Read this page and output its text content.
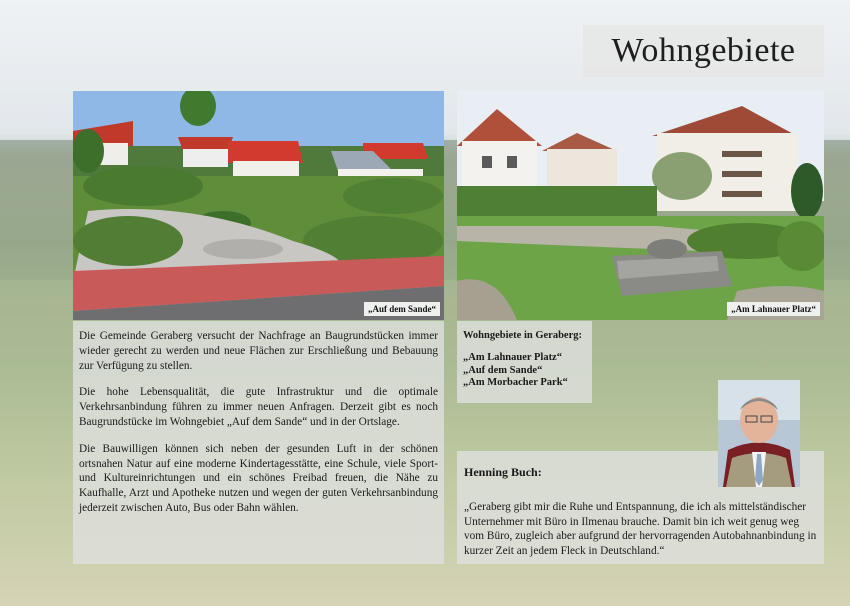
Wohngebiete
„Auf dem Sande“	„Am Lahnauer Platz“

Die Gemeinde Geraberg versucht der Nachfrage an Baugrundstücken immer wieder gerecht zu werden und neue Flächen zur Erschließung und Bebauung zur Verfügung zu stellen.

Die hohe Lebensqualität, die gute Infrastruktur und die optimale Verkehrsanbindung führen zu immer neuen Anfragen. Derzeit gibt es noch Baugrundstücke im Wohngebiet „Auf dem Sande“ und in der Ortslage.

Die Bauwilligen können sich neben der gesunden Luft in der schönen ortsnahen Natur auf eine moderne Kindertagesstätte, eine Schule, viele Sport- und Kultureinrichtungen und ein schönes Freibad freuen, die Nähe zu Kaufhalle, Arzt und Apotheke nutzen und wegen der guten Verkehrsanbindung jederzeit zwischen Auto, Bus oder Bahn wählen.

Wohngebiete in Geraberg:
„Am Lahnauer Platz“
„Auf dem Sande“
„Am Morbacher Park“
Henning Buch:

„Geraberg gibt mir die Ruhe und Entspannung, die ich als mittelständischer Unternehmer mit Büro in Ilmenau brauche. Damit bin ich weit genug weg vom Büro, zugleich aber aufgrund der hervorragenden Autobahnanbindung in kurzer Zeit an jedem Fleck in Deutschland.“
